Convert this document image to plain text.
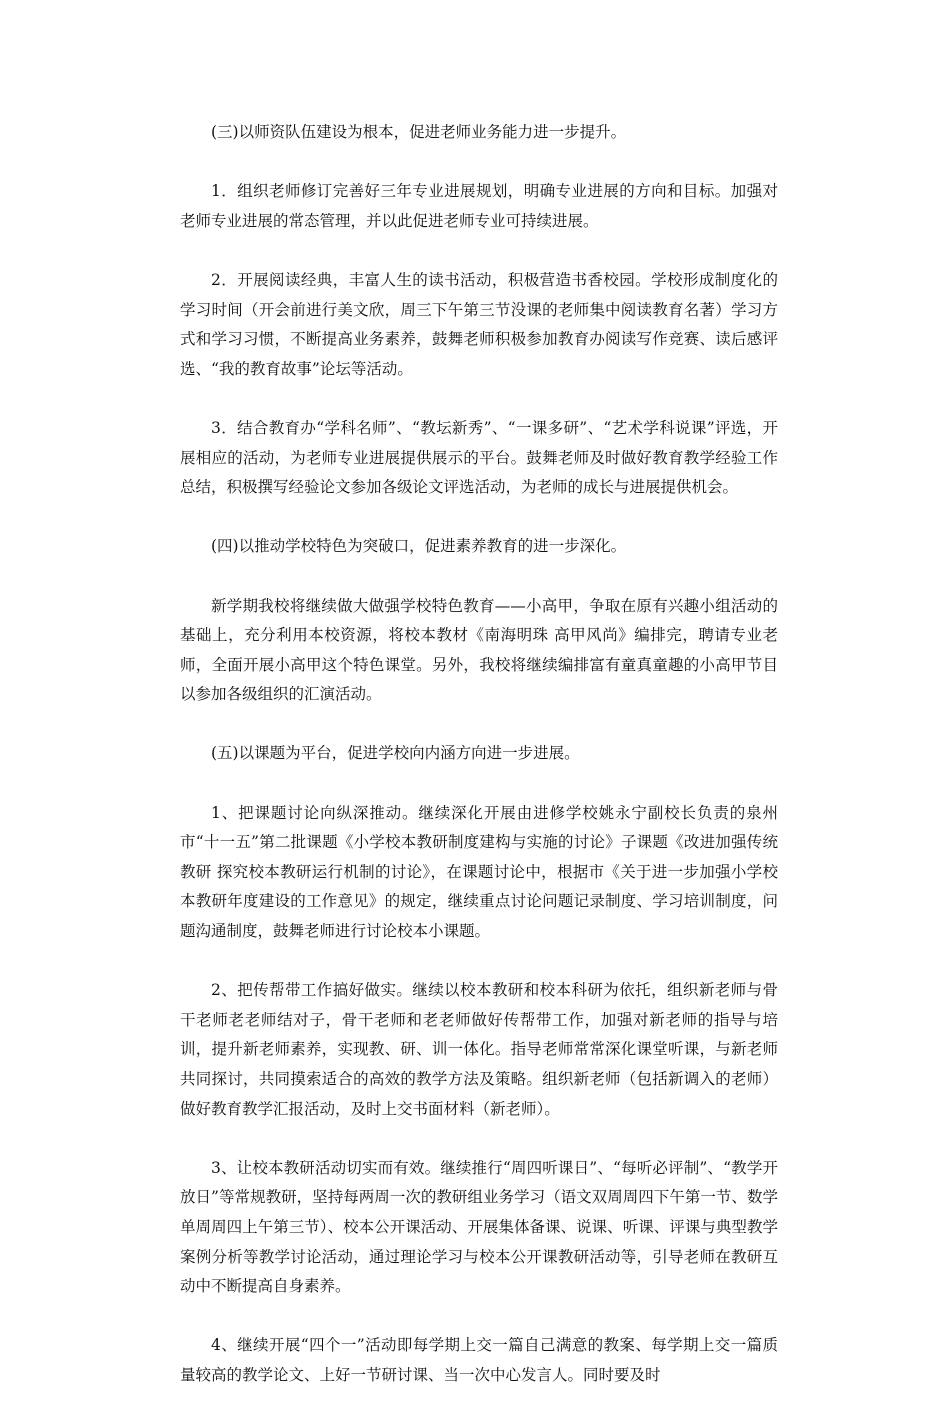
(三)以师资队伍建设为根本，促进老师业务能力进一步提升。

1．组织老师修订完善好三年专业进展规划，明确专业进展的方向和目标。加强对老师专业进展的常态管理，并以此促进老师专业可持续进展。

2．开展阅读经典，丰富人生的读书活动，积极营造书香校园。学校形成制度化的学习时间（开会前进行美文欣，周三下午第三节没课的老师集中阅读教育名著）学习方式和学习习惯，不断提高业务素养，鼓舞老师积极参加教育办阅读写作竞赛、读后感评选、“我的教育故事”论坛等活动。

3．结合教育办“学科名师”、“教坛新秀”、“一课多研”、“艺术学科说课”评选，开展相应的活动，为老师专业进展提供展示的平台。鼓舞老师及时做好教育教学经验工作总结，积极撰写经验论文参加各级论文评选活动，为老师的成长与进展提供机会。

(四)以推动学校特色为突破口，促进素养教育的进一步深化。

新学期我校将继续做大做强学校特色教育——小高甲，争取在原有兴趣小组活动的基础上，充分利用本校资源，将校本教材《南海明珠 高甲风尚》编排完，聘请专业老师，全面开展小高甲这个特色课堂。另外，我校将继续编排富有童真童趣的小高甲节目以参加各级组织的汇演活动。

(五)以课题为平台，促进学校向内涵方向进一步进展。

1、把课题讨论向纵深推动。继续深化开展由进修学校姚永宁副校长负责的泉州市“十一五”第二批课题《小学校本教研制度建构与实施的讨论》子课题《改进加强传统教研 探究校本教研运行机制的讨论》，在课题讨论中，根据市《关于进一步加强小学校本教研年度建设的工作意见》的规定，继续重点讨论问题记录制度、学习培训制度，问题沟通制度，鼓舞老师进行讨论校本小课题。

2、把传帮带工作搞好做实。继续以校本教研和校本科研为依托，组织新老师与骨干老师老老师结对子，骨干老师和老老师做好传帮带工作，加强对新老师的指导与培训，提升新老师素养，实现教、研、训一体化。指导老师常常深化课堂听课，与新老师共同探讨，共同摸索适合的高效的教学方法及策略。组织新老师（包括新调入的老师）做好教育教学汇报活动，及时上交书面材料（新老师）。

3、让校本教研活动切实而有效。继续推行“周四听课日”、“每听必评制”、“教学开放日”等常规教研，坚持每两周一次的教研组业务学习（语文双周周四下午第一节、数学单周周四上午第三节）、校本公开课活动、开展集体备课、说课、听课、评课与典型教学案例分析等教学讨论活动，通过理论学习与校本公开课教研活动等，引导老师在教研互动中不断提高自身素养。

4、继续开展“四个一”活动即每学期上交一篇自己满意的教案、每学期上交一篇质量较高的教学论文、上好一节研讨课、当一次中心发言人。同时要及时
